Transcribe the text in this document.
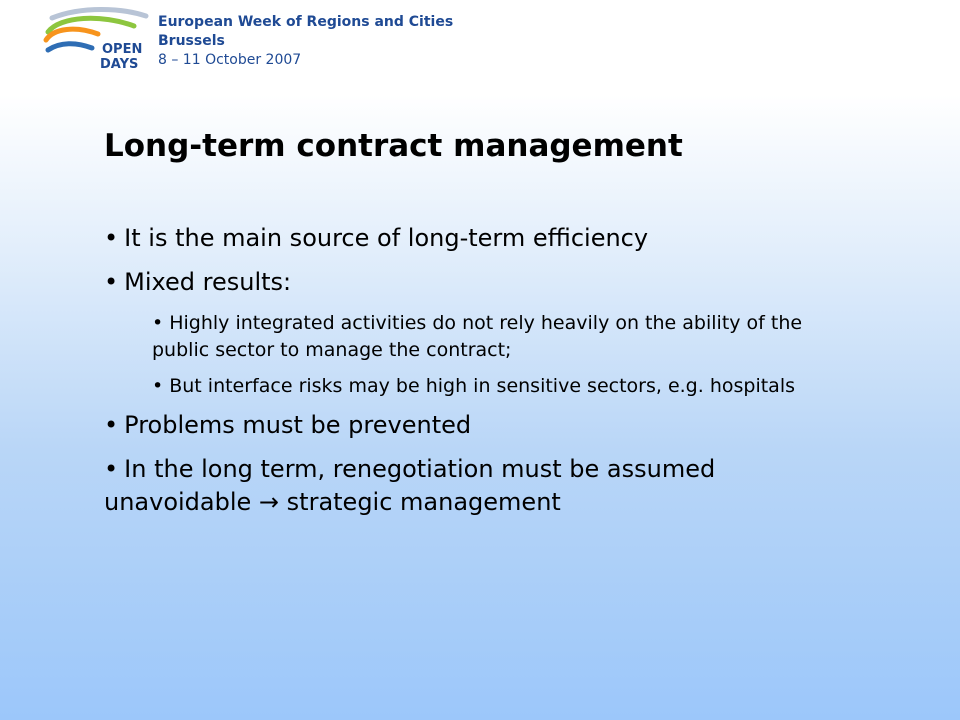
OPEN
DAYS
European Week of Regions and Cities
Brussels
8 – 11 October 2007
Long-term contract management
• It is the main source of long-term efficiency
• Mixed results:
• Highly integrated activities do not rely heavily on the ability of the public sector to manage the contract;
• But interface risks may be high in sensitive sectors, e.g. hospitals
• Problems must be prevented
• In the long term, renegotiation must be assumed unavoidable → strategic management
